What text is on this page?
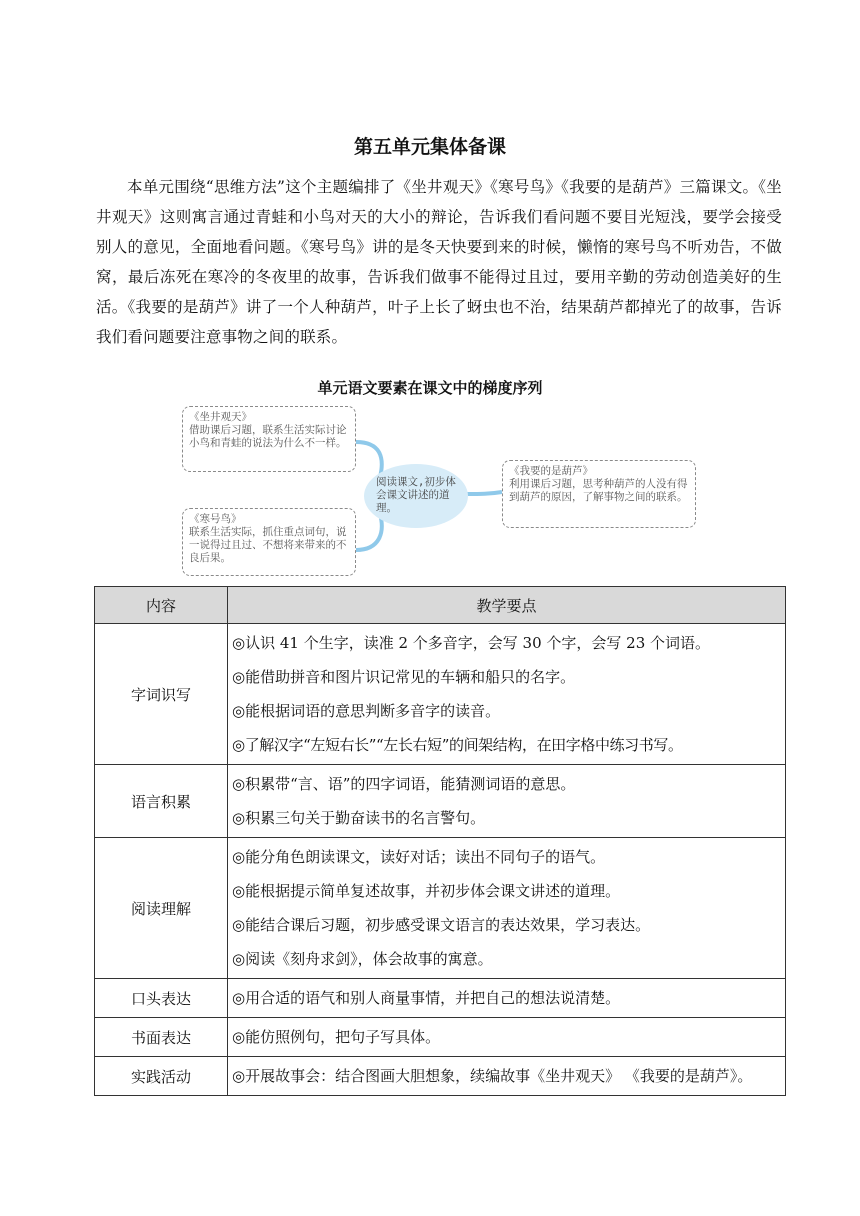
第五单元集体备课
本单元围绕“思维方法”这个主题编排了《坐井观天》《寒号鸟》《我要的是葫芦》三篇课文。《坐井观天》这则寓言通过青蛙和小鸟对天的大小的辩论，告诉我们看问题不要目光短浅，要学会接受别人的意见，全面地看问题。《寒号鸟》讲的是冬天快要到来的时候，懒惰的寒号鸟不听劝告，不做窝，最后冻死在寒冷的冬夜里的故事，告诉我们做事不能得过且过，要用辛勤的劳动创造美好的生活。《我要的是葫芦》讲了一个人种葫芦，叶子上长了蚜虫也不治，结果葫芦都掉光了的故事，告诉我们看问题要注意事物之间的联系。
单元语文要素在课文中的梯度序列
《坐井观天》
借助课后习题，联系生活实际讨论小鸟和青蛙的说法为什么不一样。
《寒号鸟》
联系生活实际，抓住重点词句，说一说得过且过、不想将来带来的不良后果。
阅读课文,初步体会课文讲述的道理。
《我要的是葫芦》
利用课后习题，思考种葫芦的人没有得到葫芦的原因，了解事物之间的联系。
内容	教学要点
字词识写	◎认识 41 个生字，读准 2 个多音字，会写 30 个字，会写 23 个词语。
◎能借助拼音和图片识记常见的车辆和船只的名字。
◎能根据词语的意思判断多音字的读音。
◎了解汉字“左短右长”“左长右短”的间架结构，在田字格中练习书写。

语言积累	◎积累带“言、语”的四字词语，能猜测词语的意思。
◎积累三句关于勤奋读书的名言警句。

阅读理解	◎能分角色朗读课文，读好对话；读出不同句子的语气。
◎能根据提示简单复述故事，并初步体会课文讲述的道理。
◎能结合课后习题，初步感受课文语言的表达效果，学习表达。
◎阅读《刻舟求剑》，体会故事的寓意。

口头表达	◎用合适的语气和别人商量事情，并把自己的想法说清楚。

书面表达	◎能仿照例句，把句子写具体。

实践活动	◎开展故事会：结合图画大胆想象，续编故事《坐井观天》 《我要的是葫芦》。
